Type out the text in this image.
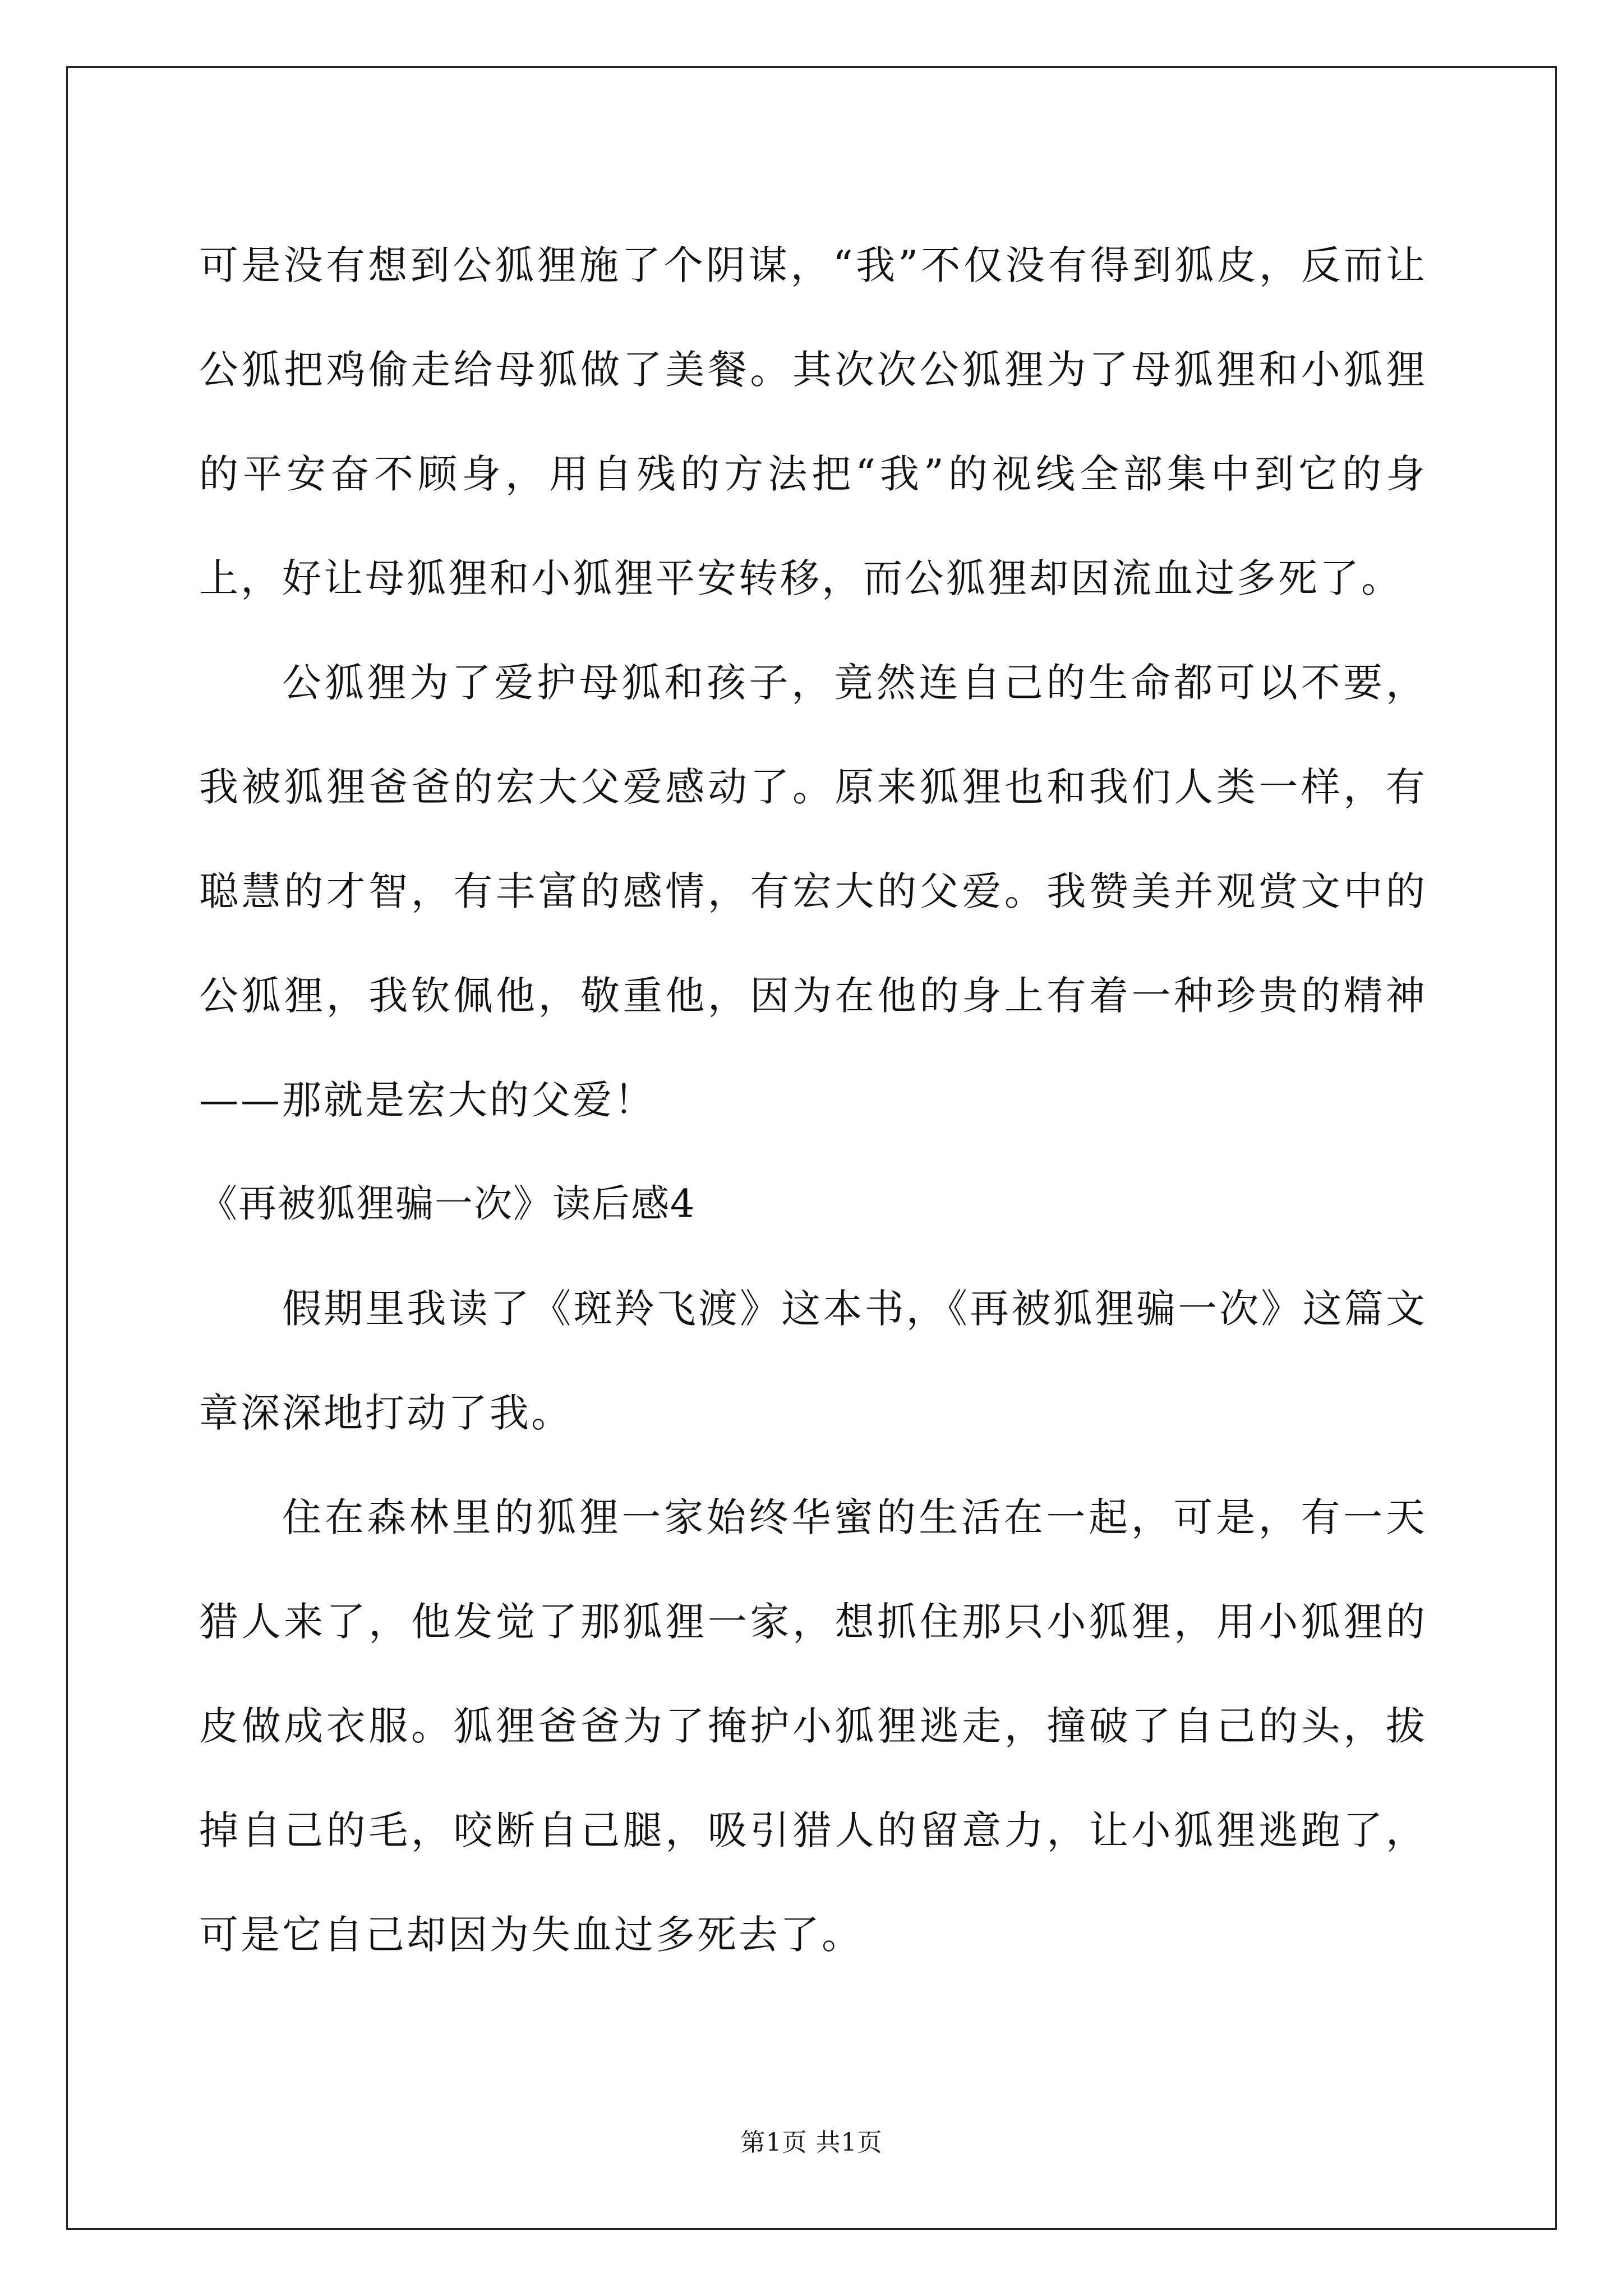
可是没有想到公狐狸施了个阴谋，“我”不仅没有得到狐皮，反而让公狐把鸡偷走给母狐做了美餐。其次次公狐狸为了母狐狸和小狐狸的平安奋不顾身，用自残的方法把“我”的视线全部集中到它的身上，好让母狐狸和小狐狸平安转移，而公狐狸却因流血过多死了。

公狐狸为了爱护母狐和孩子，竟然连自己的生命都可以不要，我被狐狸爸爸的宏大父爱感动了。原来狐狸也和我们人类一样，有聪慧的才智，有丰富的感情，有宏大的父爱。我赞美并观赏文中的公狐狸，我钦佩他，敬重他，因为在他的身上有着一种珍贵的精神——那就是宏大的父爱！

《再被狐狸骗一次》读后感4

假期里我读了《斑羚飞渡》这本书，《再被狐狸骗一次》这篇文章深深地打动了我。

住在森林里的狐狸一家始终华蜜的生活在一起，可是，有一天猎人来了，他发觉了那狐狸一家，想抓住那只小狐狸，用小狐狸的皮做成衣服。狐狸爸爸为了掩护小狐狸逃走，撞破了自己的头，拔掉自己的毛，咬断自己腿，吸引猎人的留意力，让小狐狸逃跑了，可是它自己却因为失血过多死去了。

第1页 共1页
